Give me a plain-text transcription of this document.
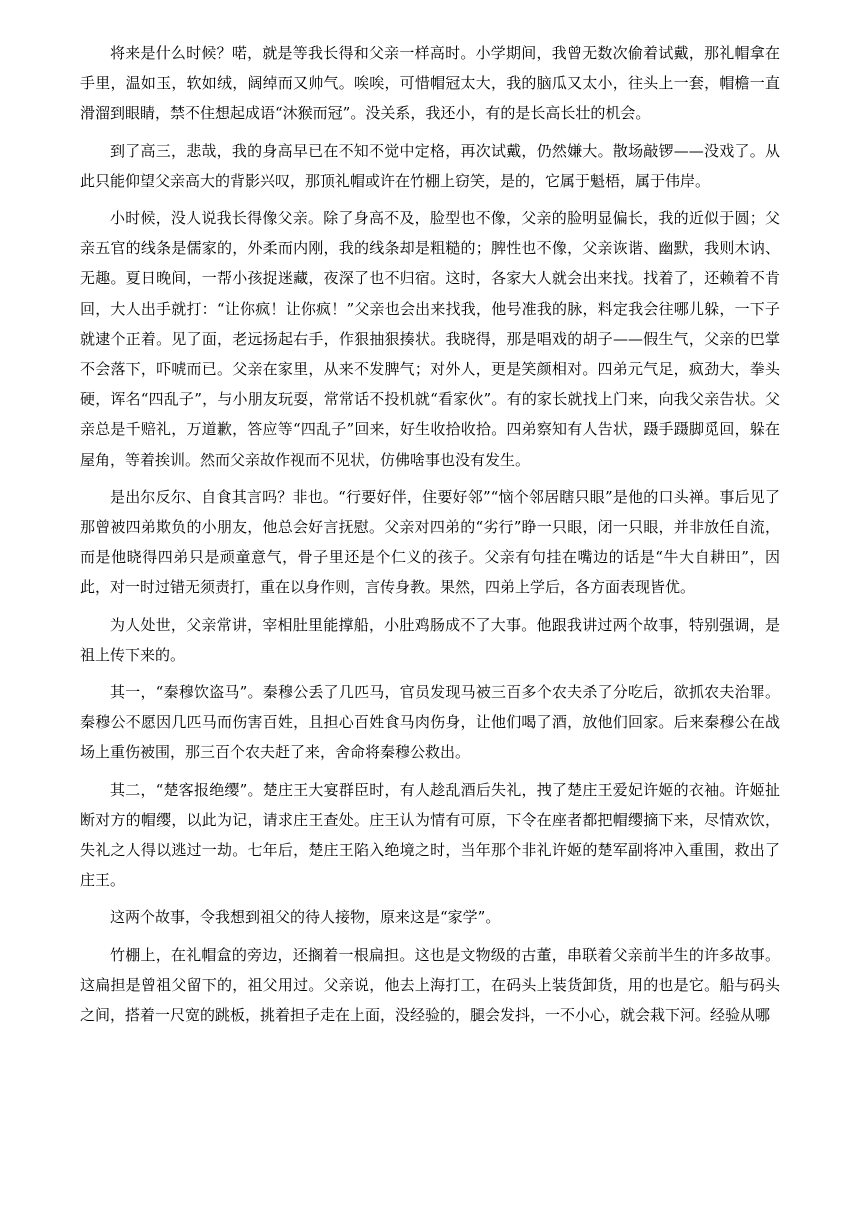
将来是什么时候？喏，就是等我长得和父亲一样高时。小学期间，我曾无数次偷着试戴，那礼帽拿在手里，温如玉，软如绒，阔绰而又帅气。唉唉，可惜帽冠太大，我的脑瓜又太小，往头上一套，帽檐一直滑溜到眼睛，禁不住想起成语“沐猴而冠”。没关系，我还小，有的是长高长壮的机会。

到了高三，悲哉，我的身高早已在不知不觉中定格，再次试戴，仍然嫌大。散场敲锣——没戏了。从此只能仰望父亲高大的背影兴叹，那顶礼帽或许在竹棚上窃笑，是的，它属于魁梧，属于伟岸。

小时候，没人说我长得像父亲。除了身高不及，脸型也不像，父亲的脸明显偏长，我的近似于圆；父亲五官的线条是儒家的，外柔而内刚，我的线条却是粗糙的；脾性也不像，父亲诙谐、幽默，我则木讷、无趣。夏日晚间，一帮小孩捉迷藏，夜深了也不归宿。这时，各家大人就会出来找。找着了，还赖着不肯回，大人出手就打：“让你疯！让你疯！”父亲也会出来找我，他号准我的脉，料定我会往哪儿躲，一下子就逮个正着。见了面，老远扬起右手，作狠抽狠揍状。我晓得，那是唱戏的胡子——假生气，父亲的巴掌不会落下，吓唬而已。父亲在家里，从来不发脾气；对外人，更是笑颜相对。四弟元气足，疯劲大，拳头硬，诨名“四乱子”，与小朋友玩耍，常常话不投机就“看家伙”。有的家长就找上门来，向我父亲告状。父亲总是千赔礼，万道歉，答应等“四乱子”回来，好生收拾收拾。四弟察知有人告状，蹑手蹑脚觅回，躲在屋角，等着挨训。然而父亲故作视而不见状，仿佛啥事也没有发生。

是出尔反尔、自食其言吗？非也。“行要好伴，住要好邻”“恼个邻居瞎只眼”是他的口头禅。事后见了那曾被四弟欺负的小朋友，他总会好言抚慰。父亲对四弟的“劣行”睁一只眼，闭一只眼，并非放任自流，而是他晓得四弟只是顽童意气，骨子里还是个仁义的孩子。父亲有句挂在嘴边的话是“牛大自耕田”，因此，对一时过错无须责打，重在以身作则，言传身教。果然，四弟上学后，各方面表现皆优。

为人处世，父亲常讲，宰相肚里能撑船，小肚鸡肠成不了大事。他跟我讲过两个故事，特别强调，是祖上传下来的。

其一，“秦穆饮盗马”。秦穆公丢了几匹马，官员发现马被三百多个农夫杀了分吃后，欲抓农夫治罪。秦穆公不愿因几匹马而伤害百姓，且担心百姓食马肉伤身，让他们喝了酒，放他们回家。后来秦穆公在战场上重伤被围，那三百个农夫赶了来，舍命将秦穆公救出。

其二，“楚客报绝缨”。楚庄王大宴群臣时，有人趁乱酒后失礼，拽了楚庄王爱妃许姬的衣袖。许姬扯断对方的帽缨，以此为记，请求庄王查处。庄王认为情有可原，下令在座者都把帽缨摘下来，尽情欢饮，失礼之人得以逃过一劫。七年后，楚庄王陷入绝境之时，当年那个非礼许姬的楚军副将冲入重围，救出了庄王。

这两个故事，令我想到祖父的待人接物，原来这是“家学”。

竹棚上，在礼帽盒的旁边，还搁着一根扁担。这也是文物级的古董，串联着父亲前半生的许多故事。这扁担是曾祖父留下的，祖父用过。父亲说，他去上海打工，在码头上装货卸货，用的也是它。船与码头之间，搭着一尺宽的跳板，挑着担子走在上面，没经验的，腿会发抖，一不小心，就会栽下河。经验从哪
